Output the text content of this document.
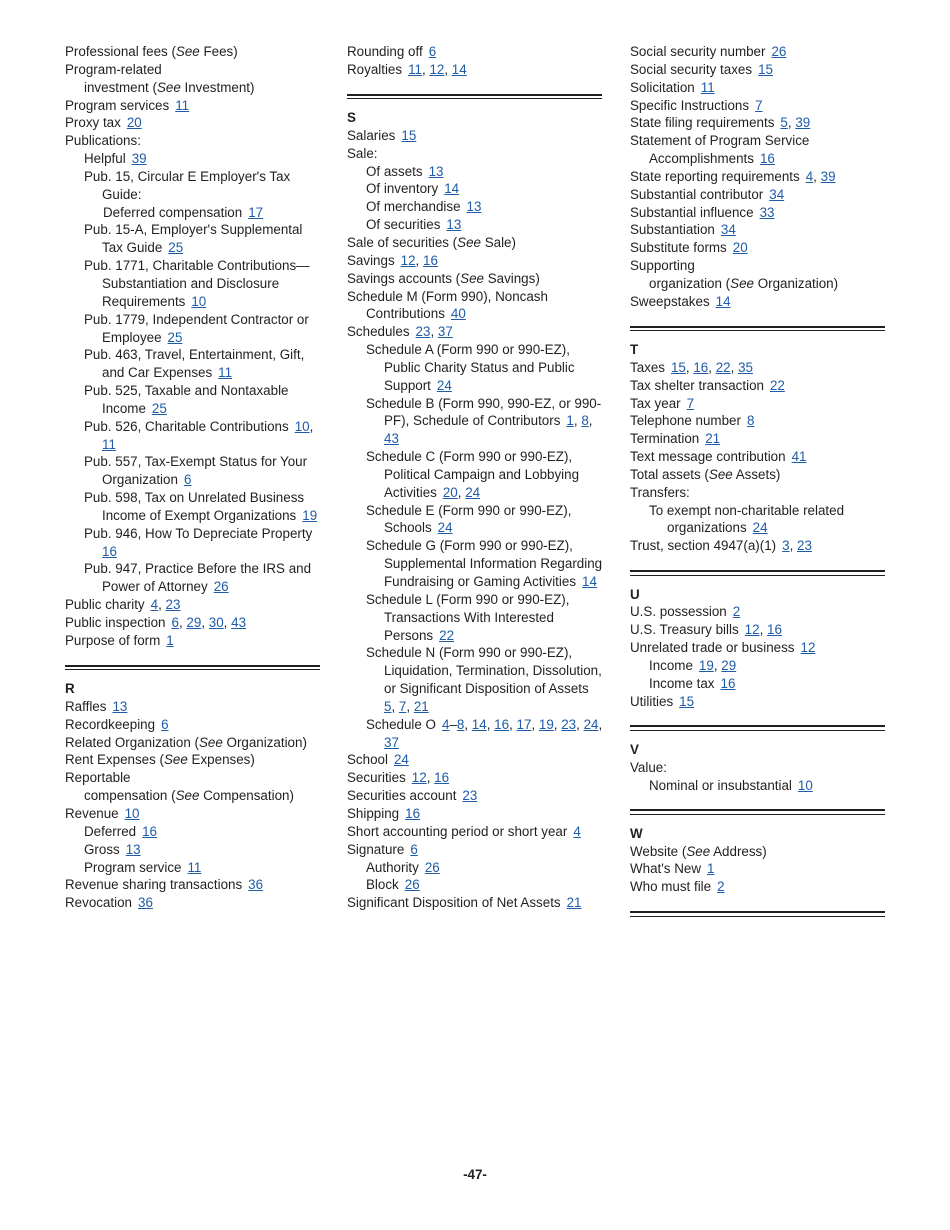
Professional fees (See Fees)
Program-related
investment (See Investment)
Program services 11
Proxy tax 20
Publications:
Helpful 39
Pub. 15, Circular E Employer's Tax Guide:
Deferred compensation 17
Pub. 15-A, Employer's Supplemental Tax Guide 25
Pub. 1771, Charitable Contributions—Substantiation and Disclosure Requirements 10
Pub. 1779, Independent Contractor or Employee 25
Pub. 463, Travel, Entertainment, Gift, and Car Expenses 11
Pub. 525, Taxable and Nontaxable Income 25
Pub. 526, Charitable Contributions 10, 11
Pub. 557, Tax-Exempt Status for Your Organization 6
Pub. 598, Tax on Unrelated Business Income of Exempt Organizations 19
Pub. 946, How To Depreciate Property16
Pub. 947, Practice Before the IRS and Power of Attorney 26
Public charity 4, 23
Public inspection 6, 29, 30, 43
Purpose of form 1
R
Raffles 13
Recordkeeping 6
Related Organization (See Organization)
Rent Expenses (See Expenses)
Reportable
compensation (See Compensation)
Revenue 10
Deferred 16
Gross 13
Program service 11
Revenue sharing transactions 36
Revocation 36
Rounding off 6
Royalties 11, 12, 14
S
Salaries 15
Sale:
Of assets 13
Of inventory 14
Of merchandise 13
Of securities 13
Sale of securities (See Sale)
Savings 12, 16
Savings accounts (See Savings)
Schedule M (Form 990), Noncash Contributions 40
Schedules 23, 37
Schedule A (Form 990 or 990-EZ), Public Charity Status and Public Support 24
Schedule B (Form 990, 990-EZ, or 990-PF), Schedule of Contributors 1, 8, 43
Schedule C (Form 990 or 990-EZ), Political Campaign and Lobbying Activities 20, 24
Schedule E (Form 990 or 990-EZ), Schools 24
Schedule G (Form 990 or 990-EZ), Supplemental Information Regarding Fundraising or Gaming Activities 14
Schedule L (Form 990 or 990-EZ), Transactions With Interested Persons 22
Schedule N (Form 990 or 990-EZ), Liquidation, Termination, Dissolution, or Significant Disposition of Assets5, 7, 21
Schedule O 4–8, 14, 16, 17, 19, 23, 24, 37
School 24
Securities 12, 16
Securities account 23
Shipping 16
Short accounting period or short year 4
Signature 6
Authority 26
Block 26
Significant Disposition of Net Assets 21
Social security number 26
Social security taxes 15
Solicitation 11
Specific Instructions 7
State filing requirements 5, 39
Statement of Program Service Accomplishments 16
State reporting requirements 4, 39
Substantial contributor 34
Substantial influence 33
Substantiation 34
Substitute forms 20
Supporting
organization (See Organization)
Sweepstakes 14
T
Taxes 15, 16, 22, 35
Tax shelter transaction 22
Tax year 7
Telephone number 8
Termination 21
Text message contribution 41
Total assets (See Assets)
Transfers:
To exempt non-charitable related organizations 24
Trust, section 4947(a)(1) 3, 23
U
U.S. possession 2
U.S. Treasury bills 12, 16
Unrelated trade or business 12
Income 19, 29
Income tax 16
Utilities 15
V
Value:
Nominal or insubstantial 10
W
Website (See Address)
What's New 1
Who must file 2
-47-
